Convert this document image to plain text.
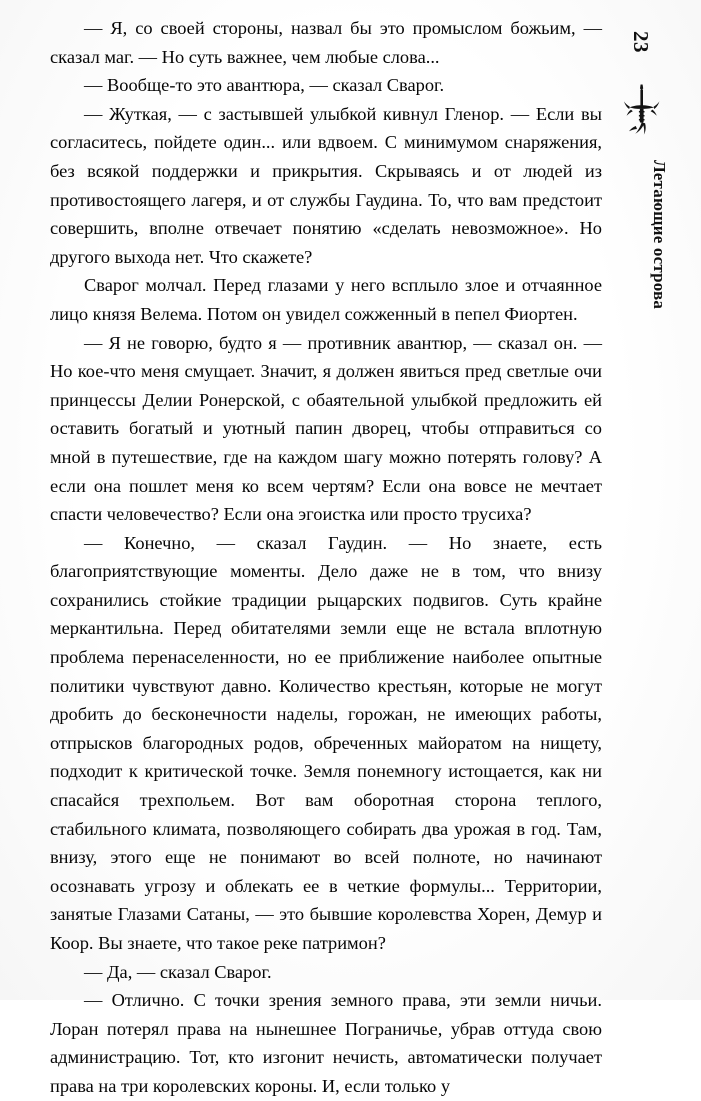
23
Летающие острова

— Я, со своей стороны, назвал бы это промыслом божьим, — сказал маг. — Но суть важнее, чем любые слова...

— Вообще-то это авантюра, — сказал Сварог.

— Жуткая, — с застывшей улыбкой кивнул Гленор. — Если вы согласитесь, пойдете один... или вдвоем. С минимумом снаряжения, без всякой поддержки и прикрытия. Скрываясь и от людей из противостоящего лагеря, и от службы Гаудина. То, что вам предстоит совершить, вполне отвечает понятию «сделать невозможное». Но другого выхода нет. Что скажете?

Сварог молчал. Перед глазами у него всплыло злое и отчаянное лицо князя Велема. Потом он увидел сожженный в пепел Фиортен.

— Я не говорю, будто я — противник авантюр, — сказал он. — Но кое-что меня смущает. Значит, я должен явиться пред светлые очи принцессы Делии Ронерской, с обаятельной улыбкой предложить ей оставить богатый и уютный папин дворец, чтобы отправиться со мной в путешествие, где на каждом шагу можно потерять голову? А если она пошлет меня ко всем чертям? Если она вовсе не мечтает спасти человечество? Если она эгоистка или просто трусиха?

— Конечно, — сказал Гаудин. — Но знаете, есть благоприятствующие моменты. Дело даже не в том, что внизу сохранились стойкие традиции рыцарских подвигов. Суть крайне меркантильна. Перед обитателями земли еще не встала вплотную проблема перенаселенности, но ее приближение наиболее опытные политики чувствуют давно. Количество крестьян, которые не могут дробить до бесконечности наделы, горожан, не имеющих работы, отпрысков благородных родов, обреченных майоратом на нищету, подходит к критической точке. Земля понемногу истощается, как ни спасайся трехпольем. Вот вам оборотная сторона теплого, стабильного климата, позволяющего собирать два урожая в год. Там, внизу, этого еще не понимают во всей полноте, но начинают осознавать угрозу и облекать ее в четкие формулы... Территории, занятые Глазами Сатаны, — это бывшие королевства Хорен, Демур и Коор. Вы знаете, что такое реке патримон?

— Да, — сказал Сварог.

— Отлично. С точки зрения земного права, эти земли ничьи. Лоран потерял права на нынешнее Пограничье, убрав оттуда свою администрацию. Тот, кто изгонит нечисть, автоматически получает права на три королевских короны. И, если только у
